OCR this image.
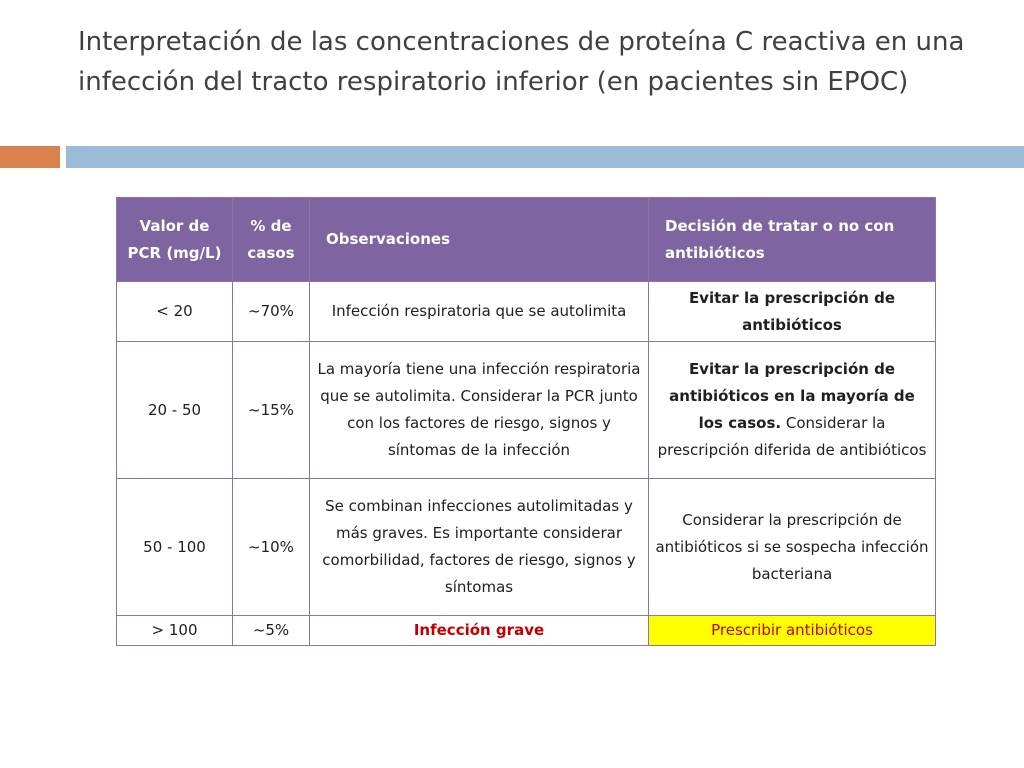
Interpretación de las concentraciones de proteína C reactiva en una infección del tracto respiratorio inferior (en pacientes sin EPOC)
Valor de PCR (mg/L)	% de casos	Observaciones	Decisión de tratar o no con antibióticos
< 20	~70%	Infección respiratoria que se autolimita	Evitar la prescripción de antibióticos
20 - 50	~15%	La mayoría tiene una infección respiratoria que se autolimita. Considerar la PCR junto con los factores de riesgo, signos y síntomas de la infección	Evitar la prescripción de antibióticos en la mayoría de los casos. Considerar la prescripción diferida de antibióticos
50 - 100	~10%	Se combinan infecciones autolimitadas y más graves. Es importante considerar comorbilidad, factores de riesgo, signos y síntomas	Considerar la prescripción de antibióticos si se sospecha infección bacteriana
> 100	~5%	Infección grave	Prescribir antibióticos
